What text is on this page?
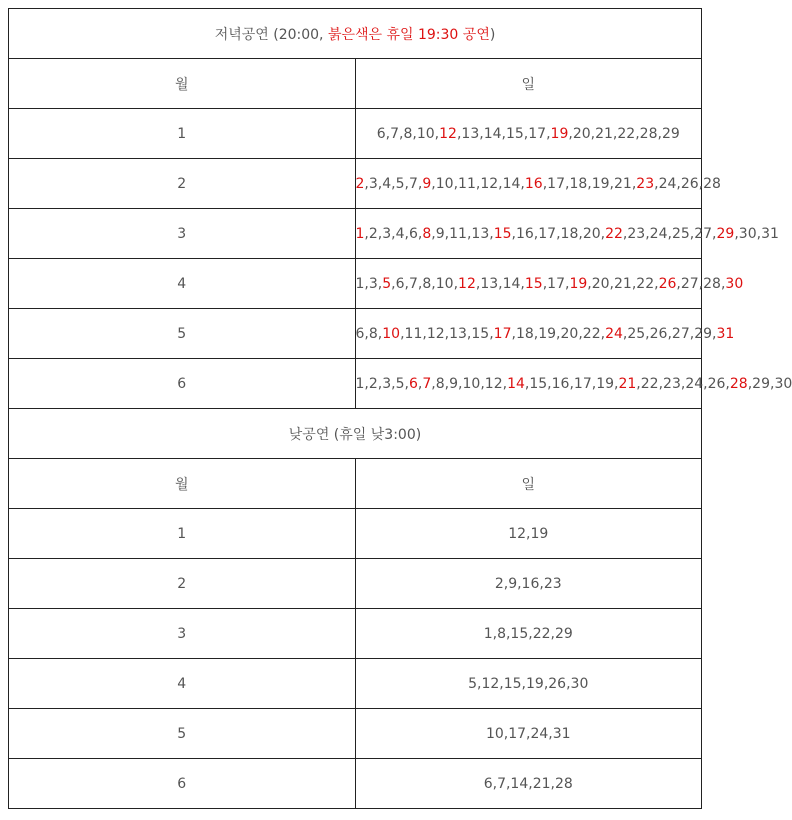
저녁공연 (20:00, 붉은색은 휴일 19:30 공연)	
월	일
1	6,7,8,10,12,13,14,15,17,19,20,21,22,28,29
2	2,3,4,5,7,9,10,11,12,14,16,17,18,19,21,23,24,26,28
3	1,2,3,4,6,8,9,11,13,15,16,17,18,20,22,23,24,25,27,29,30,31
4	1,3,5,6,7,8,10,12,13,14,15,17,19,20,21,22,26,27,28,30
5	6,8,10,11,12,13,15,17,18,19,20,22,24,25,26,27,29,31
6	1,2,3,5,6,7,8,9,10,12,14,15,16,17,19,21,22,23,24,26,28,29,30
낮공연 (휴일 낮3:00)	
월	일
1	12,19
2	2,9,16,23
3	1,8,15,22,29
4	5,12,15,19,26,30
5	10,17,24,31
6	6,7,14,21,28
